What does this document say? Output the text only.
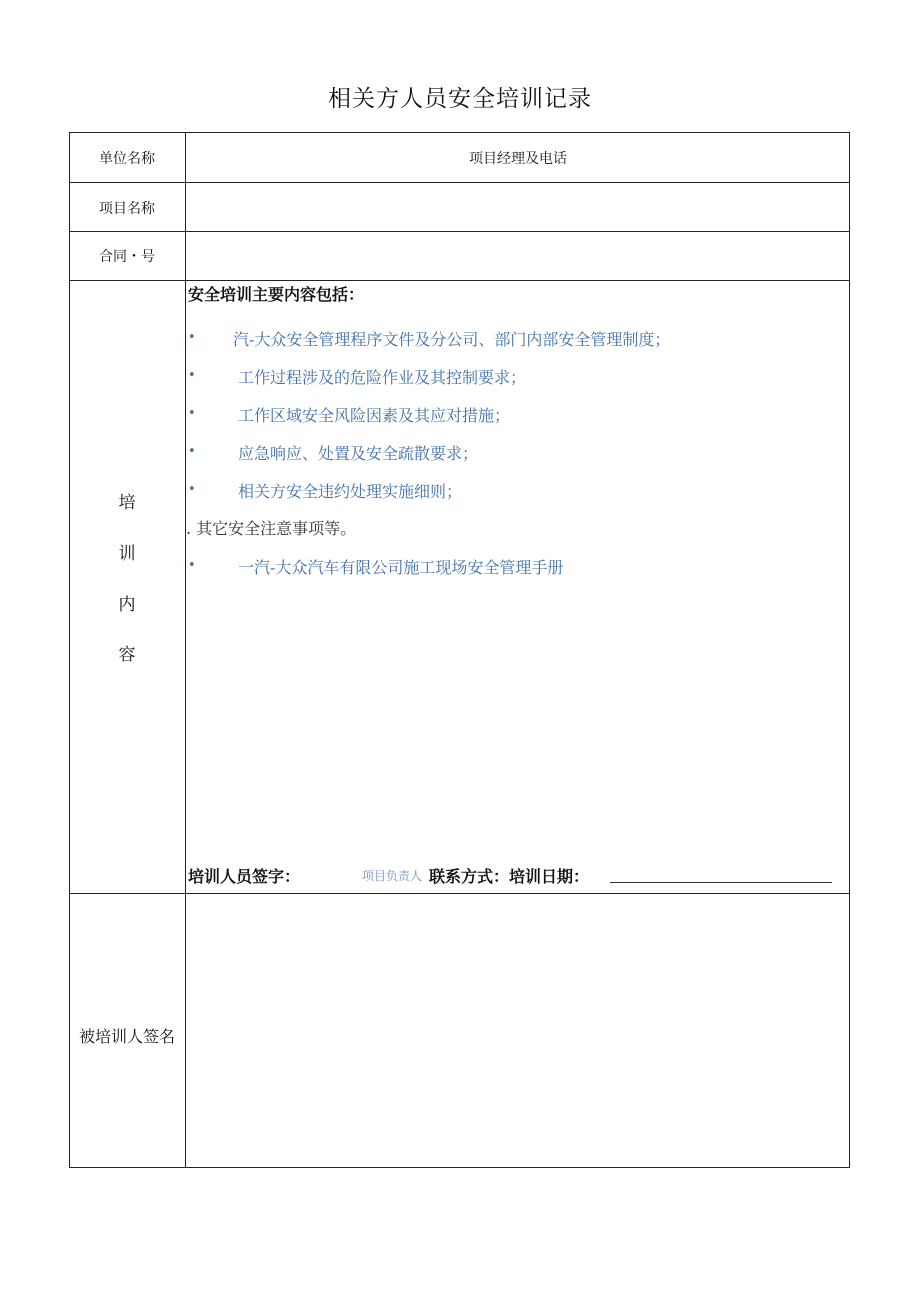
相关方人员安全培训记录
单位名称	项目经理及电话
项目名称
合同・号
培
训
内
容
安全培训主要内容包括：
• 汽-大众安全管理程序文件及分公司、部门内部安全管理制度；
•	工作过程涉及的危险作业及其控制要求；
•	工作区域安全风险因素及其应对措施；
•	应急响应、处置及安全疏散要求；
•	相关方安全违约处理实施细则；
. 其它安全注意事项等。
•	一汽-大众汽车有限公司施工现场安全管理手册
培训人员签字：	项目负责人 联系方式：培训日期：
被培训人签名
